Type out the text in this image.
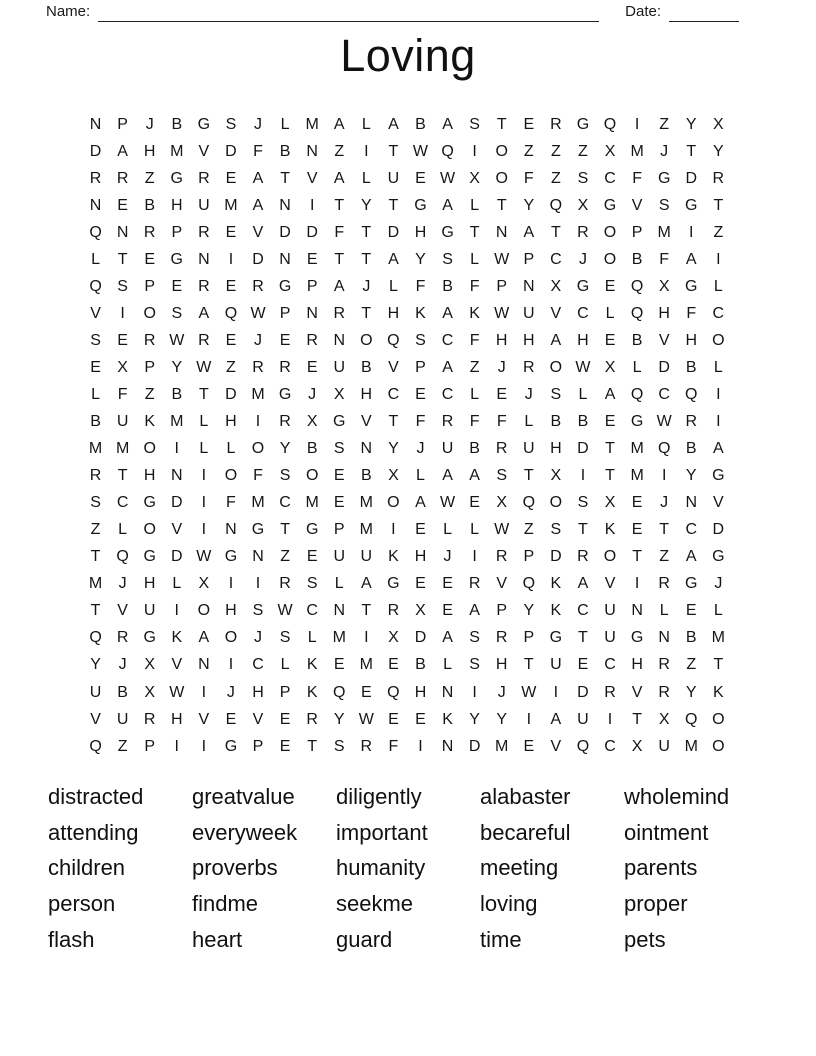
Name:	Date:
Loving
N P	J	B G S	J	L M A	L	A	B	A	S	T	E R G Q	I	Z	Y	X
D A H M V D	F	B N	Z	I	T W Q	I	O Z	Z	Z	X M	J	T	Y
R R	Z G R E	A	T	V	A	L	U E W X O F	Z	S C	F G D R
N E	B H U M A N	I	T	Y	T G A	L	T	Y Q X G V	S G T
Q N R P R E	V D D	F	T	D H G T	N A	T	R O P M	I	Z
L	T	E G N	I	D N E	T	T	A	Y	S	L W P C	J	O B	F	A	I
Q S	P	E R E R G P	A	J	L	F	B	F	P N X G E Q X G	L
V	I	O S	A Q W P N R	T	H K	A	K W U V C	L	Q H	F	C
S	E R W R E	J	E R N O Q S C	F	H H A H E	B	V H O
E	X	P	Y W Z	R R E U B	V	P	A	Z	J	R O W X	L	D B	L
L	F	Z	B	T	D M G	J	X H C E C	L	E	J	S	L	A Q C Q	I
B U K M L	H	I	R X G V	T	F	R	F	F	L	B	B	E G W R	I
M M O	I	L	L	O Y	B	S N Y	J	U B R U H D	T M Q B	A
R	T	H N	I	O F	S O E	B	X	L	A	A	S	T	X	I	T M	I	Y G
S C G D	I	F M C M E M O A W E	X Q O S	X	E	J	N V
Z	L	O V	I	N G T G P M	I	E	L	L W Z	S	T	K	E	T	C D
T Q G D W G N	Z	E U U K H	J	I	R P D R O T	Z	A G
M	J	H	L	X	I	I	R S	L	A G E	E R V Q K	A	V	I	R G	J
T	V U	I	O H S W C N	T	R X	E	A	P	Y	K C U N	L	E	L
Q R G K	A O	J	S	L M	I	X D A	S R P G T	U G N B M
Y	J	X	V N	I	C	L	K	E M E	B	L	S H	T	U E C H R	Z	T
U B	X W	I	J	H P	K Q E Q H N	I	J W	I	D R V R Y	K
V U R H V	E	V	E R Y W E	E	K	Y	Y	I	A U	I	T	X Q O
Q Z	P	I	I	G P	E	T	S R	F	I	N D M E	V Q C X U M O
distracted	greatvalue	diligently	alabaster	wholemind
attending	everyweek	important	becareful	ointment
children	proverbs	humanity	meeting	parents
person	findme	seekme	loving	proper
flash	heart	guard	time	pets
